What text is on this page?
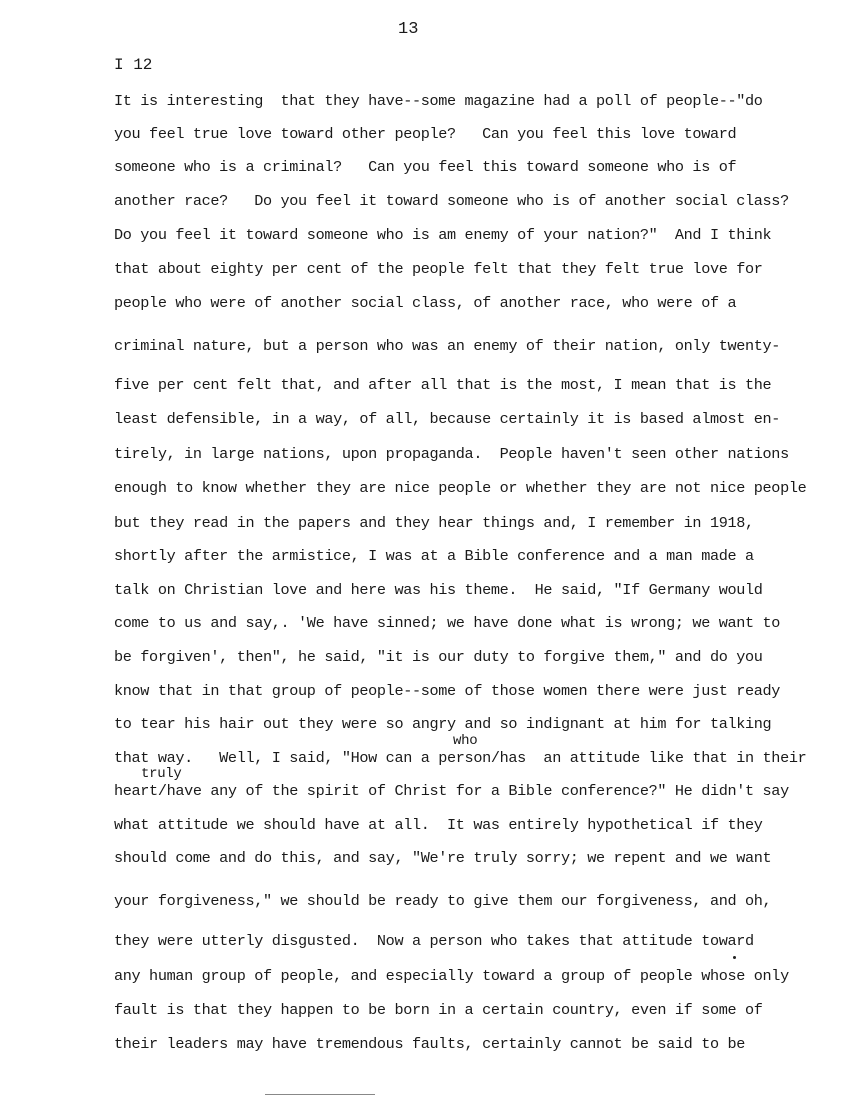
13
I 12
It is interesting  that they have--some magazine had a poll of people--"do
you feel true love toward other people?   Can you feel this love toward
someone who is a criminal?   Can you feel this toward someone who is of
another race?   Do you feel it toward someone who is of another social class?
Do you feel it toward someone who is am enemy of your nation?"  And I think
that about eighty per cent of the people felt that they felt true love for
people who were of another social class, of another race, who were of a
criminal nature, but a person who was an enemy of their nation, only twenty-
five per cent felt that, and after all that is the most, I mean that is the
least defensible, in a way, of all, because certainly it is based almost en-
tirely, in large nations, upon propaganda.  People haven't seen other nations
enough to know whether they are nice people or whether they are not nice people
but they read in the papers and they hear things and, I remember in 1918,
shortly after the armistice, I was at a Bible conference and a man made a
talk on Christian love and here was his theme.  He said, "If Germany would
come to us and say,. 'We have sinned; we have done what is wrong; we want to
be forgiven', then", he said, "it is our duty to forgive them," and do you
know that in that group of people--some of those women there were just ready
to tear his hair out they were so angry and so indignant at him for talking
who
that way.   Well, I said, "How can a person/has  an attitude like that in their
truly
heart/have any of the spirit of Christ for a Bible conference?" He didn't say
what attitude we should have at all.  It was entirely hypothetical if they
should come and do this, and say, "We're truly sorry; we repent and we want
your forgiveness," we should be ready to give them our forgiveness, and oh,
they were utterly disgusted.  Now a person who takes that attitude toward
any human group of people, and especially toward a group of people whose only
fault is that they happen to be born in a certain country, even if some of
their leaders may have tremendous faults, certainly cannot be said to be
